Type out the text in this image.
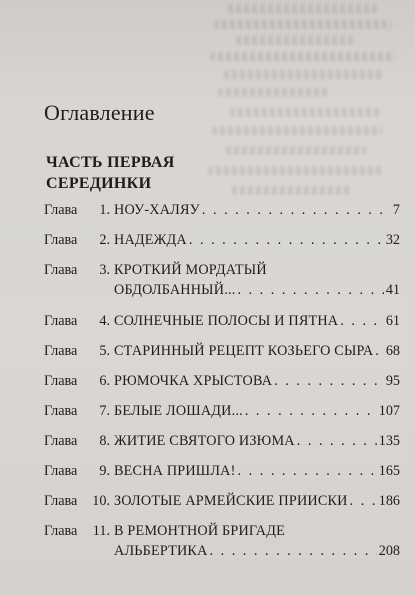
Оглавление
ЧАСТЬ ПЕРВАЯ
СЕРЕДИНКИ
Глава	1. НОУ-ХАЛЯУ . . .	7
Глава	2. НАДЕЖДА . . .	32
Глава	3. КРОТКИЙ МОРДАТЫЙ
ОБДОЛБАННЫЙ... . . .	41
Глава	4. СОЛНЕЧНЫЕ ПОЛОСЫ И ПЯТНА . . .	61
Глава	5. СТАРИННЫЙ РЕЦЕПТ КОЗЬЕГО СЫРА . . . 68
Глава	6. РЮМОЧКА ХРЫСТОВА . . .	95
Глава	7. БЕЛЫЕ ЛОШАДИ... . . .	107
Глава	8. ЖИТИЕ СВЯТОГО ИЗЮМА . . .	135
Глава	9. ВЕСНА ПРИШЛА! . . .	165
Глава	10. ЗОЛОТЫЕ АРМЕЙСКИЕ ПРИИСКИ . . . 186
Глава	11. В РЕМОНТНОЙ БРИГАДЕ
АЛЬБЕРТИКА . . .	208
